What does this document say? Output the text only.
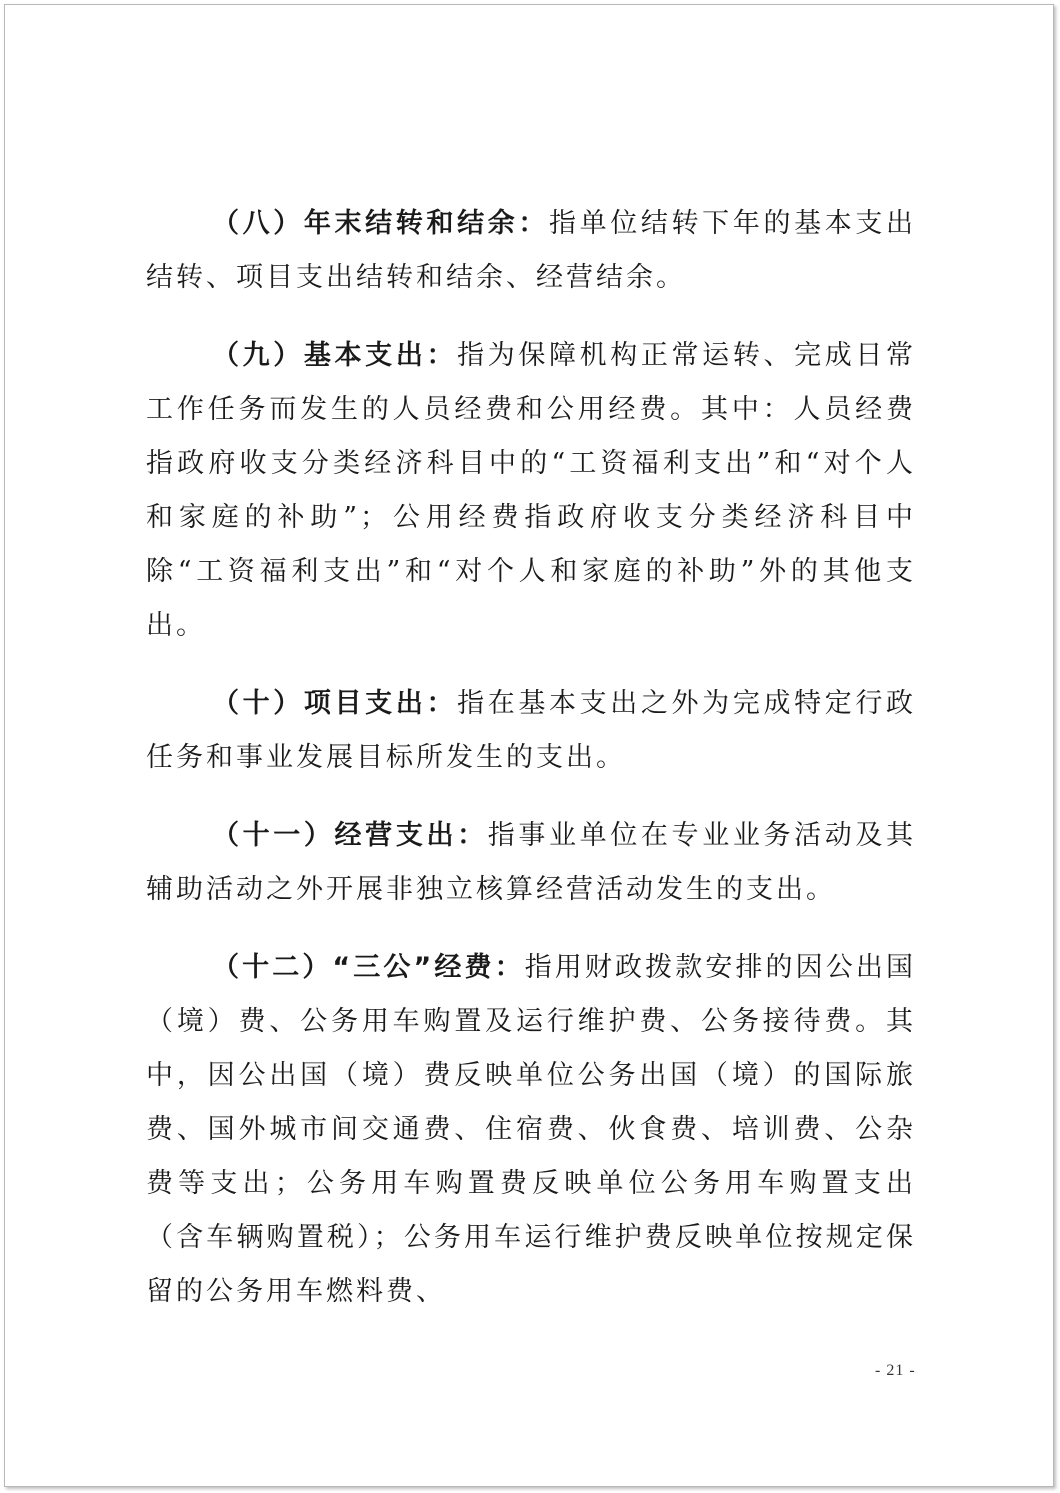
（八）年末结转和结余：指单位结转下年的基本支出结转、项目支出结转和结余、经营结余。

（九）基本支出：指为保障机构正常运转、完成日常工作任务而发生的人员经费和公用经费。其中：人员经费指政府收支分类经济科目中的“工资福利支出”和“对个人和家庭的补助”；公用经费指政府收支分类经济科目中除“工资福利支出”和“对个人和家庭的补助”外的其他支出。

（十）项目支出：指在基本支出之外为完成特定行政任务和事业发展目标所发生的支出。

（十一）经营支出：指事业单位在专业业务活动及其辅助活动之外开展非独立核算经营活动发生的支出。

（十二）“三公”经费：指用财政拨款安排的因公出国（境）费、公务用车购置及运行维护费、公务接待费。其中，因公出国（境）费反映单位公务出国（境）的国际旅费、国外城市间交通费、住宿费、伙食费、培训费、公杂费等支出；公务用车购置费反映单位公务用车购置支出（含车辆购置税）；公务用车运行维护费反映单位按规定保留的公务用车燃料费、

- 21 -
